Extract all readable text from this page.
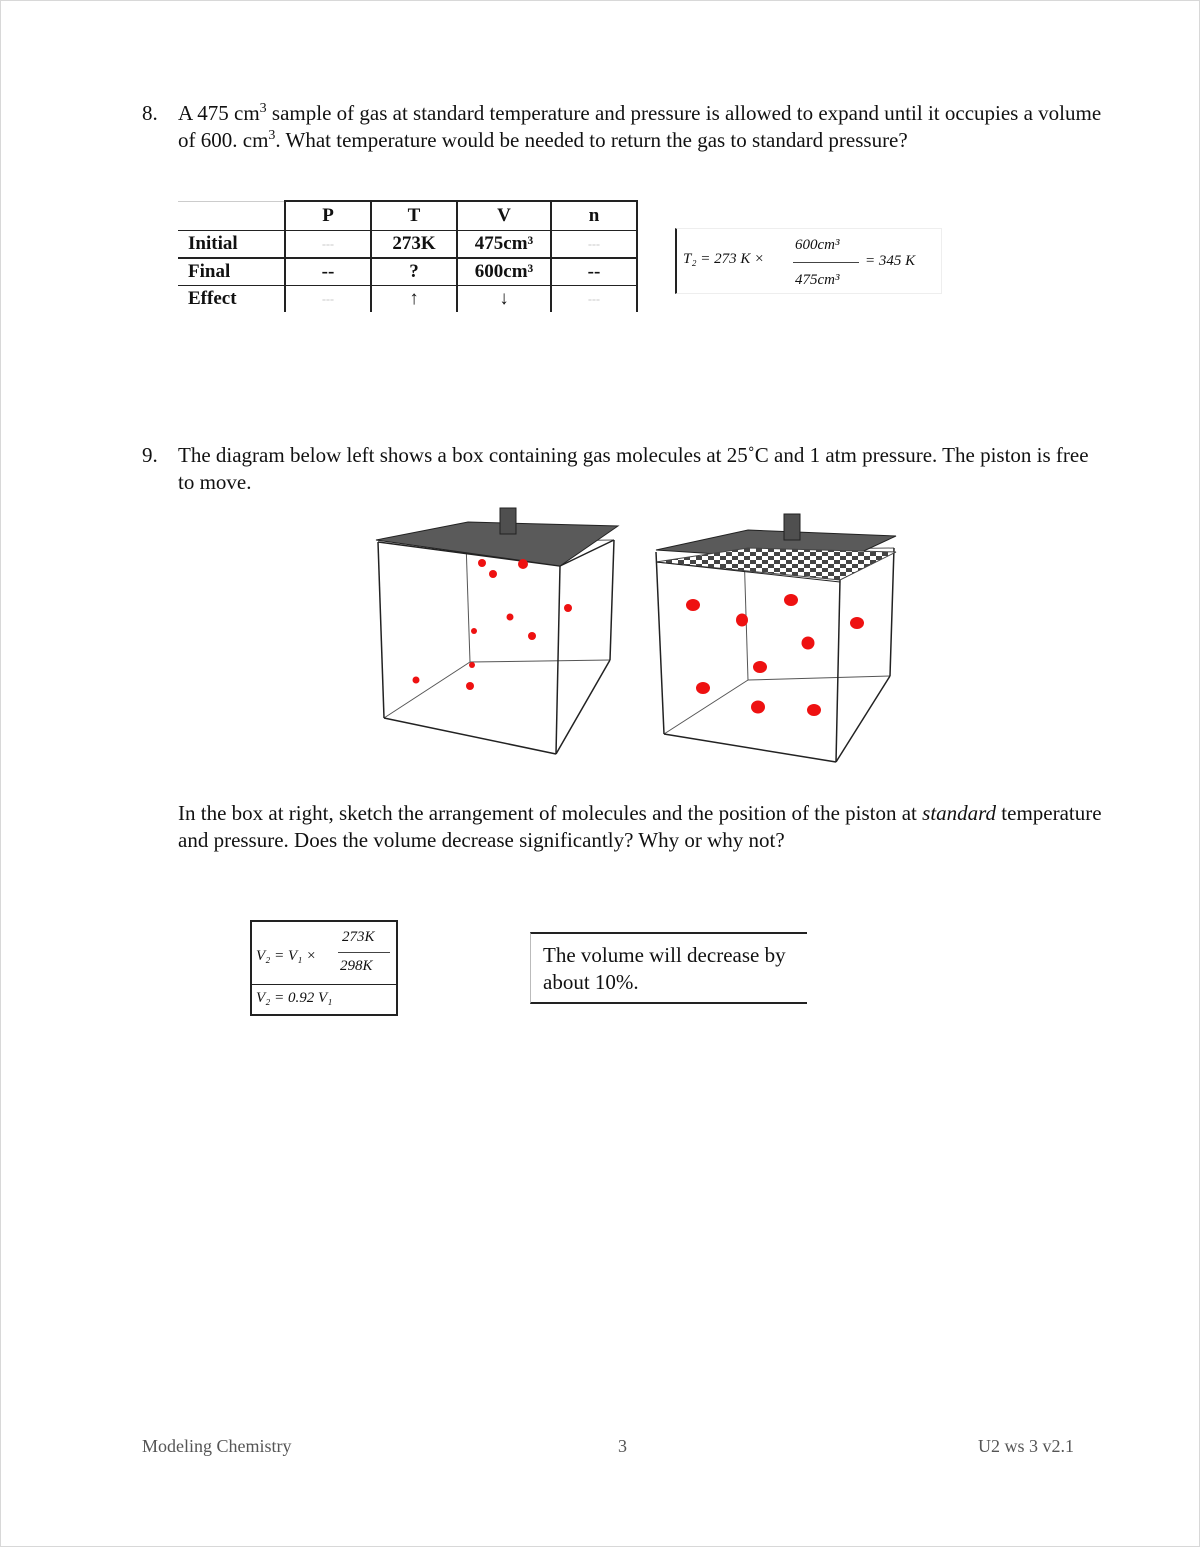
8. A 475 $cm^3$ sample of gas at standard temperature and pressure is allowed to expand until it occupies a volume of 600. $cm^3$. What temperature would be needed to return the gas to standard pressure?
	P	T	V	n
Initial	---	273K	475cm³	---
Final	--	?	600cm³	--
Effect	---	↑	↓	---
T₂ = 273 K ×
600cm³
475cm³
= 345 K
9. The diagram below left shows a box containing gas molecules at 25˚C and 1 atm pressure. The piston is free to move.
In the box at right, sketch the arrangement of molecules and the position of the piston at standard temperature and pressure. Does the volume decrease significantly? Why or why not?
V₂ = V₁ ×
273K
298K
V₂ = 0.92 V₁
The volume will decrease by about 10%.
Modeling Chemistry	3	U2 ws 3 v2.1
